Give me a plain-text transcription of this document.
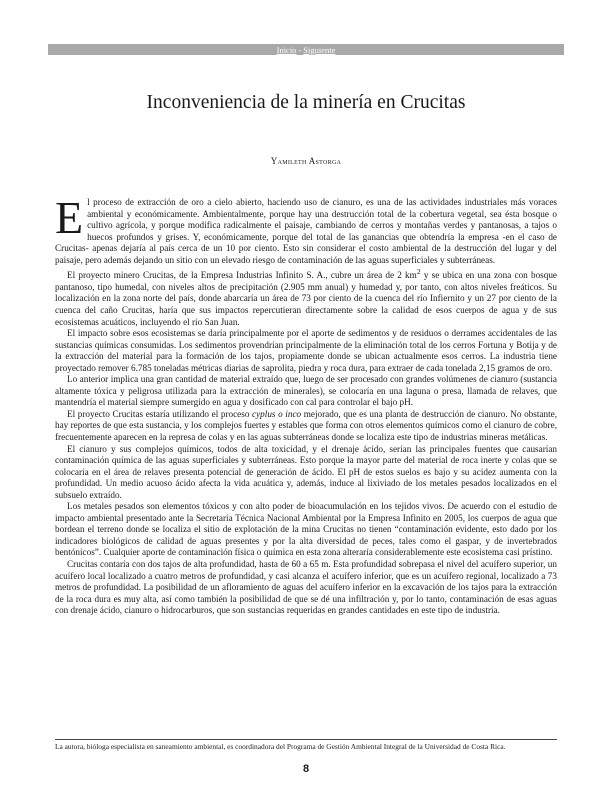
Inicio - Siguiente
Inconveniencia de la minería en Crucitas

Yamileth Astorga

El proceso de extracción de oro a cielo abierto, haciendo uso de cianuro, es una de las actividades industriales más voraces ambiental y económicamente. Ambientalmente, porque hay una destrucción total de la cobertura vegetal, sea ésta bosque o cultivo agrícola, y porque modifica radicalmente el paisaje, cambiando de cerros y montañas verdes y pantanosas, a tajos o huecos profundos y grises. Y, económicamente, porque del total de las ganancias que obtendría la empresa -en el caso de Crucitas- apenas dejaría al país cerca de un 10 por ciento. Esto sin considerar el costo ambiental de la destrucción del lugar y del paisaje, pero además dejando un sitio con un elevado riesgo de contaminación de las aguas superficiales y subterráneas.

El proyecto minero Crucitas, de la Empresa Industrias Infinito S. A., cubre un área de 2 $km^2$ y se ubica en una zona con bosque pantanoso, tipo humedal, con niveles altos de precipitación (2.905 mm anual) y humedad y, por tanto, con altos niveles freáticos. Su localización en la zona norte del país, donde abarcaría un área de 73 por ciento de la cuenca del río Infiernito y un 27 por ciento de la cuenca del caño Crucitas, haría que sus impactos repercutieran directamente sobre la calidad de esos cuerpos de agua y de sus ecosistemas acuáticos, incluyendo el río San Juan.

El impacto sobre esos ecosistemas se daría principalmente por el aporte de sedimentos y de residuos o derrames accidentales de las sustancias químicas consumidas. Los sedimentos provendrían principalmente de la eliminación total de los cerros Fortuna y Botija y de la extracción del material para la formación de los tajos, propiamente donde se ubican actualmente esos cerros. La industria tiene proyectado remover 6.785 toneladas métricas diarias de saprolita, piedra y roca dura, para extraer de cada tonelada 2,15 gramos de oro.

Lo anterior implica una gran cantidad de material extraído que, luego de ser procesado con grandes volúmenes de cianuro (sustancia altamente tóxica y peligrosa utilizada para la extracción de minerales), se colocaría en una laguna o presa, llamada de relaves, que mantendría el material siempre sumergido en agua y dosificado con cal para controlar el bajo pH.

El proyecto Crucitas estaría utilizando el proceso cyplus o inco mejorado, que es una planta de destrucción de cianuro. No obstante, hay reportes de que esta sustancia, y los complejos fuertes y estables que forma con otros elementos químicos como el cianuro de cobre, frecuentemente aparecen en la represa de colas y en las aguas subterráneas donde se localiza este tipo de industrias mineras metálicas.

El cianuro y sus complejos químicos, todos de alta toxicidad, y el drenaje ácido, serían las principales fuentes que causarían contaminación química de las aguas superficiales y subterráneas. Esto porque la mayor parte del material de roca inerte y colas que se colocaría en el área de relaves presenta potencial de generación de ácido. El pH de estos suelos es bajo y su acidez aumenta con la profundidad. Un medio acuoso ácido afecta la vida acuática y, además, induce al lixiviado de los metales pesados localizados en el subsuelo extraído.

Los metales pesados son elementos tóxicos y con alto poder de bioacumulación en los tejidos vivos. De acuerdo con el estudio de impacto ambiental presentado ante la Secretaría Técnica Nacional Ambiental por la Empresa Infinito en 2005, los cuerpos de agua que bordean el terreno donde se localiza el sitio de explotación de la mina Crucitas no tienen “contaminación evidente, esto dado por los indicadores biológicos de calidad de aguas presentes y por la alta diversidad de peces, tales como el gaspar, y de invertebrados bentónicos”. Cualquier aporte de contaminación física o química en esta zona alteraría considerablemente este ecosistema casi prístino.

Crucitas contaría con dos tajos de alta profundidad, hasta de 60 a 65 m. Esta profundidad sobrepasa el nivel del acuífero superior, un acuífero local localizado a cuatro metros de profundidad, y casi alcanza el acuífero inferior, que es un acuífero regional, localizado a 73 metros de profundidad. La posibilidad de un afloramiento de aguas del acuífero inferior en la excavación de los tajos para la extracción de la roca dura es muy alta, así como también la posibilidad de que se dé una infiltración y, por lo tanto, contaminación de esas aguas con drenaje ácido, cianuro o hidrocarburos, que son sustancias requeridas en grandes cantidades en este tipo de industria.

La autora, bióloga especialista en saneamiento ambiental, es coordinadora del Programa de Gestión Ambiental Integral de la Universidad de Costa Rica.

8
